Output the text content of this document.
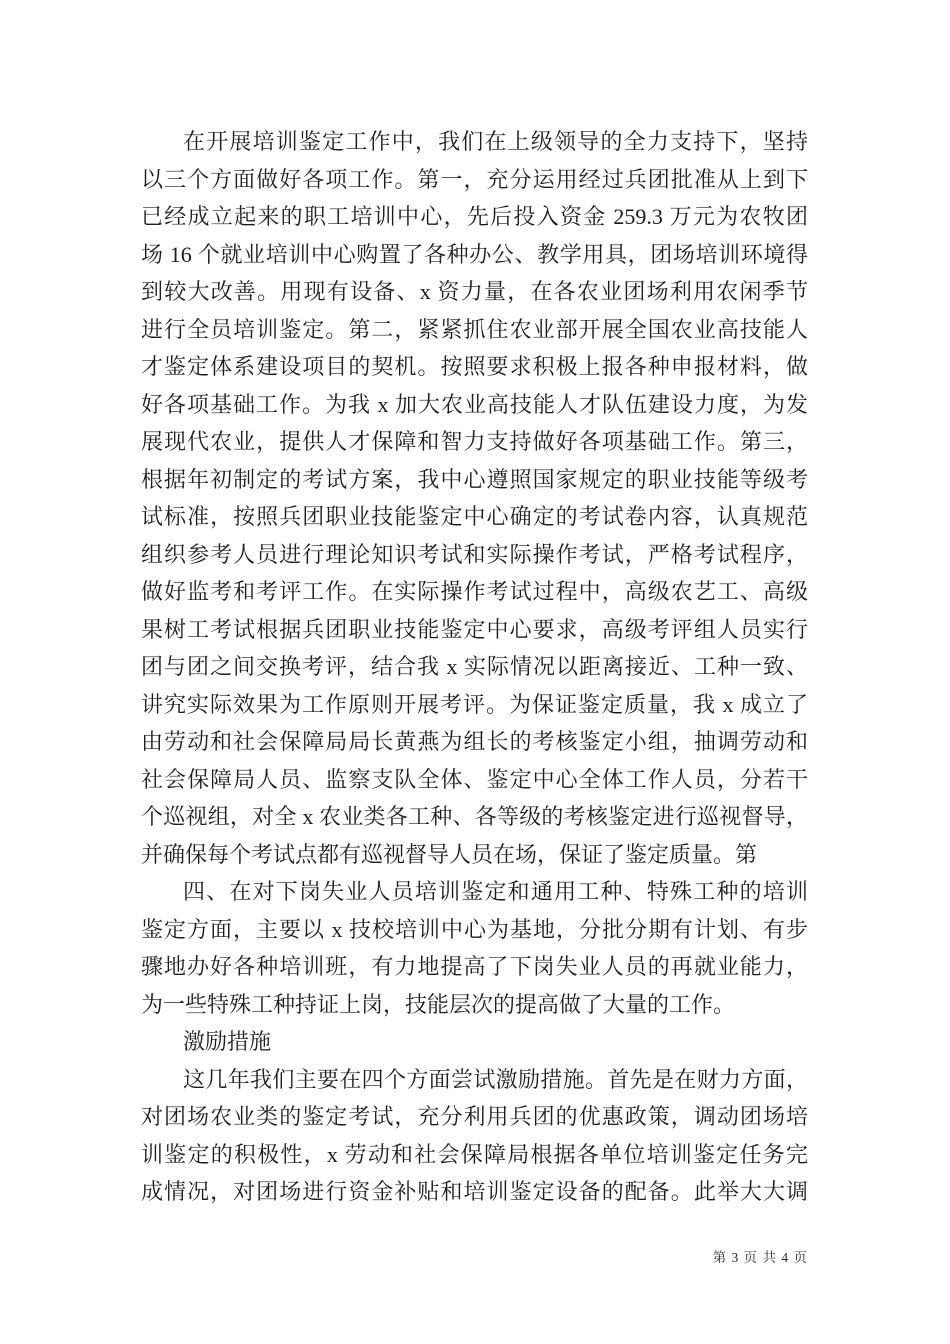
在开展培训鉴定工作中，我们在上级领导的全力支持下，坚持
以三个方面做好各项工作。第一，充分运用经过兵团批准从上到下
已经成立起来的职工培训中心，先后投入资金 259.3 万元为农牧团
场 16 个就业培训中心购置了各种办公、教学用具，团场培训环境得
到较大改善。用现有设备、x 资力量，在各农业团场利用农闲季节
进行全员培训鉴定。第二，紧紧抓住农业部开展全国农业高技能人
才鉴定体系建设项目的契机。按照要求积极上报各种申报材料，做
好各项基础工作。为我 x 加大农业高技能人才队伍建设力度，为发
展现代农业，提供人才保障和智力支持做好各项基础工作。第三，
根据年初制定的考试方案，我中心遵照国家规定的职业技能等级考
试标准，按照兵团职业技能鉴定中心确定的考试卷内容，认真规范
组织参考人员进行理论知识考试和实际操作考试，严格考试程序，
做好监考和考评工作。在实际操作考试过程中，高级农艺工、高级
果树工考试根据兵团职业技能鉴定中心要求，高级考评组人员实行
团与团之间交换考评，结合我 x 实际情况以距离接近、工种一致、
讲究实际效果为工作原则开展考评。为保证鉴定质量，我 x 成立了
由劳动和社会保障局局长黄燕为组长的考核鉴定小组，抽调劳动和
社会保障局人员、监察支队全体、鉴定中心全体工作人员，分若干
个巡视组，对全 x 农业类各工种、各等级的考核鉴定进行巡视督导，
并确保每个考试点都有巡视督导人员在场，保证了鉴定质量。第
四、在对下岗失业人员培训鉴定和通用工种、特殊工种的培训
鉴定方面，主要以 x 技校培训中心为基地，分批分期有计划、有步
骤地办好各种培训班，有力地提高了下岗失业人员的再就业能力，
为一些特殊工种持证上岗，技能层次的提高做了大量的工作。
激励措施
这几年我们主要在四个方面尝试激励措施。首先是在财力方面，
对团场农业类的鉴定考试，充分利用兵团的优惠政策，调动团场培
训鉴定的积极性，x 劳动和社会保障局根据各单位培训鉴定任务完
成情况，对团场进行资金补贴和培训鉴定设备的配备。此举大大调
第 3 页 共 4 页
